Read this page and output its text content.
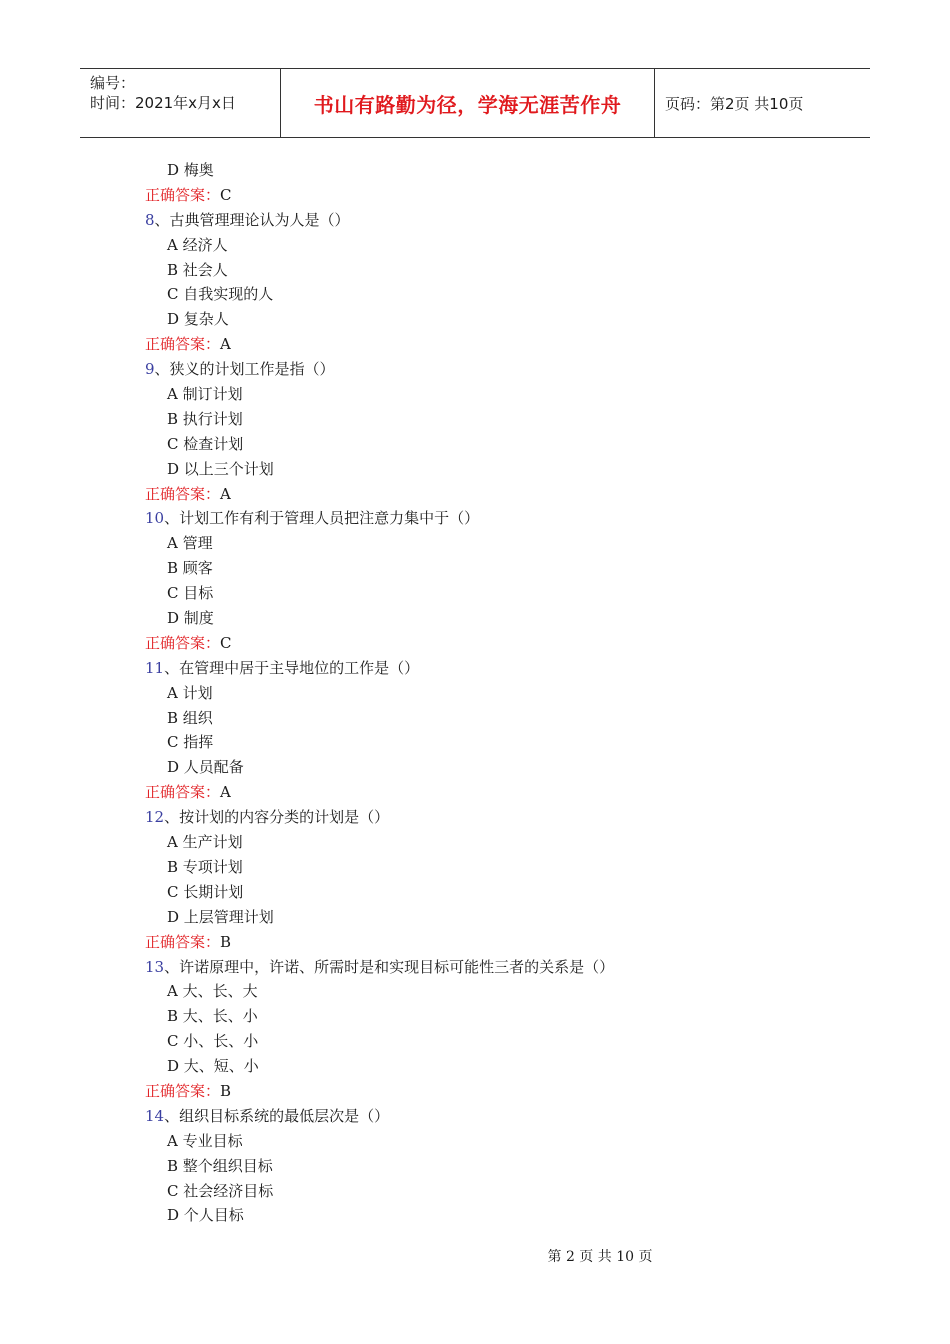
编号：
时间：2021年x月x日	书山有路勤为径，学海无涯苦作舟	页码：第2页 共10页
D 梅奥
正确答案：C
8、古典管理理论认为人是（）
A 经济人
B 社会人
C 自我实现的人
D 复杂人
正确答案：A
9、狭义的计划工作是指（）
A 制订计划
B 执行计划
C 检查计划
D 以上三个计划
正确答案：A
10、计划工作有利于管理人员把注意力集中于（）
A 管理
B 顾客
C 目标
D 制度
正确答案：C
11、在管理中居于主导地位的工作是（）
A 计划
B 组织
C 指挥
D 人员配备
正确答案：A
12、按计划的内容分类的计划是（）
A 生产计划
B 专项计划
C 长期计划
D 上层管理计划
正确答案：B
13、许诺原理中，许诺、所需时是和实现目标可能性三者的关系是（）
A 大、长、大
B 大、长、小
C 小、长、小
D 大、短、小
正确答案：B
14、组织目标系统的最低层次是（）
A 专业目标
B 整个组织目标
C 社会经济目标
D 个人目标
第 2 页 共 10 页
